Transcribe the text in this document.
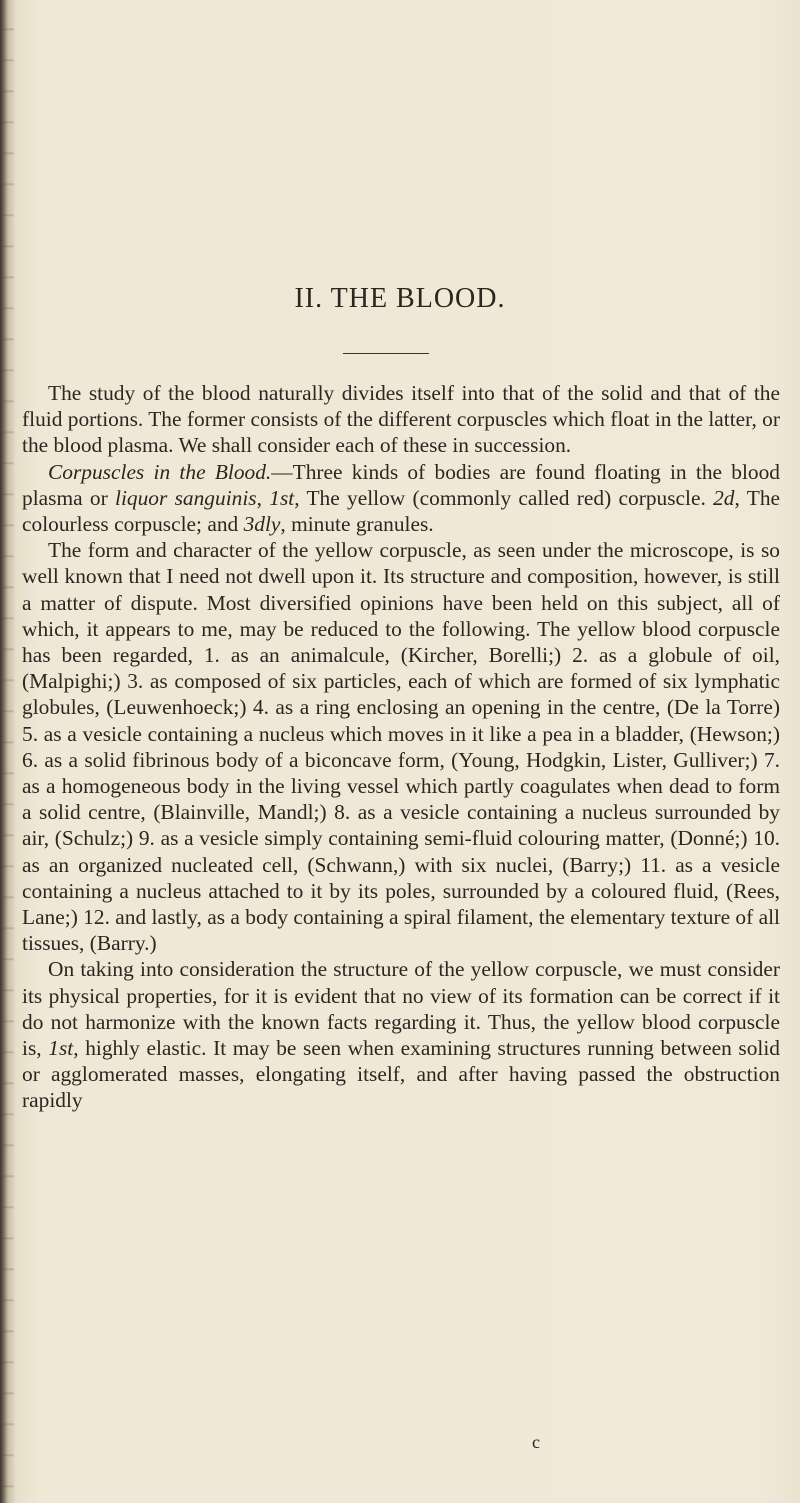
II. THE BLOOD.

The study of the blood naturally divides itself into that of the solid and that of the fluid portions. The former consists of the different corpuscles which float in the latter, or the blood plasma. We shall consider each of these in succession.

Corpuscles in the Blood.—Three kinds of bodies are found floating in the blood plasma or liquor sanguinis, 1st, The yellow (commonly called red) corpuscle. 2d, The colourless corpuscle; and 3dly, minute granules.

The form and character of the yellow corpuscle, as seen under the microscope, is so well known that I need not dwell upon it. Its structure and composition, however, is still a matter of dispute. Most diversified opinions have been held on this subject, all of which, it appears to me, may be reduced to the following. The yellow blood corpuscle has been regarded, 1. as an animalcule, (Kircher, Borelli;) 2. as a globule of oil, (Malpighi;) 3. as composed of six particles, each of which are formed of six lymphatic globules, (Leuwenhoeck;) 4. as a ring enclosing an opening in the centre, (De la Torre) 5. as a vesicle containing a nucleus which moves in it like a pea in a bladder, (Hewson;) 6. as a solid fibrinous body of a biconcave form, (Young, Hodgkin, Lister, Gulliver;) 7. as a homogeneous body in the living vessel which partly coagulates when dead to form a solid centre, (Blainville, Mandl;) 8. as a vesicle containing a nucleus surrounded by air, (Schulz;) 9. as a vesicle simply containing semi-fluid colouring matter, (Donné;) 10. as an organized nucleated cell, (Schwann,) with six nuclei, (Barry;) 11. as a vesicle containing a nucleus attached to it by its poles, surrounded by a coloured fluid, (Rees, Lane;) 12. and lastly, as a body containing a spiral filament, the elementary texture of all tissues, (Barry.)

On taking into consideration the structure of the yellow corpuscle, we must consider its physical properties, for it is evident that no view of its formation can be correct if it do not harmonize with the known facts regarding it. Thus, the yellow blood corpuscle is, 1st, highly elastic. It may be seen when examining structures running between solid or agglomerated masses, elongating itself, and after having passed the obstruction rapidly

c
